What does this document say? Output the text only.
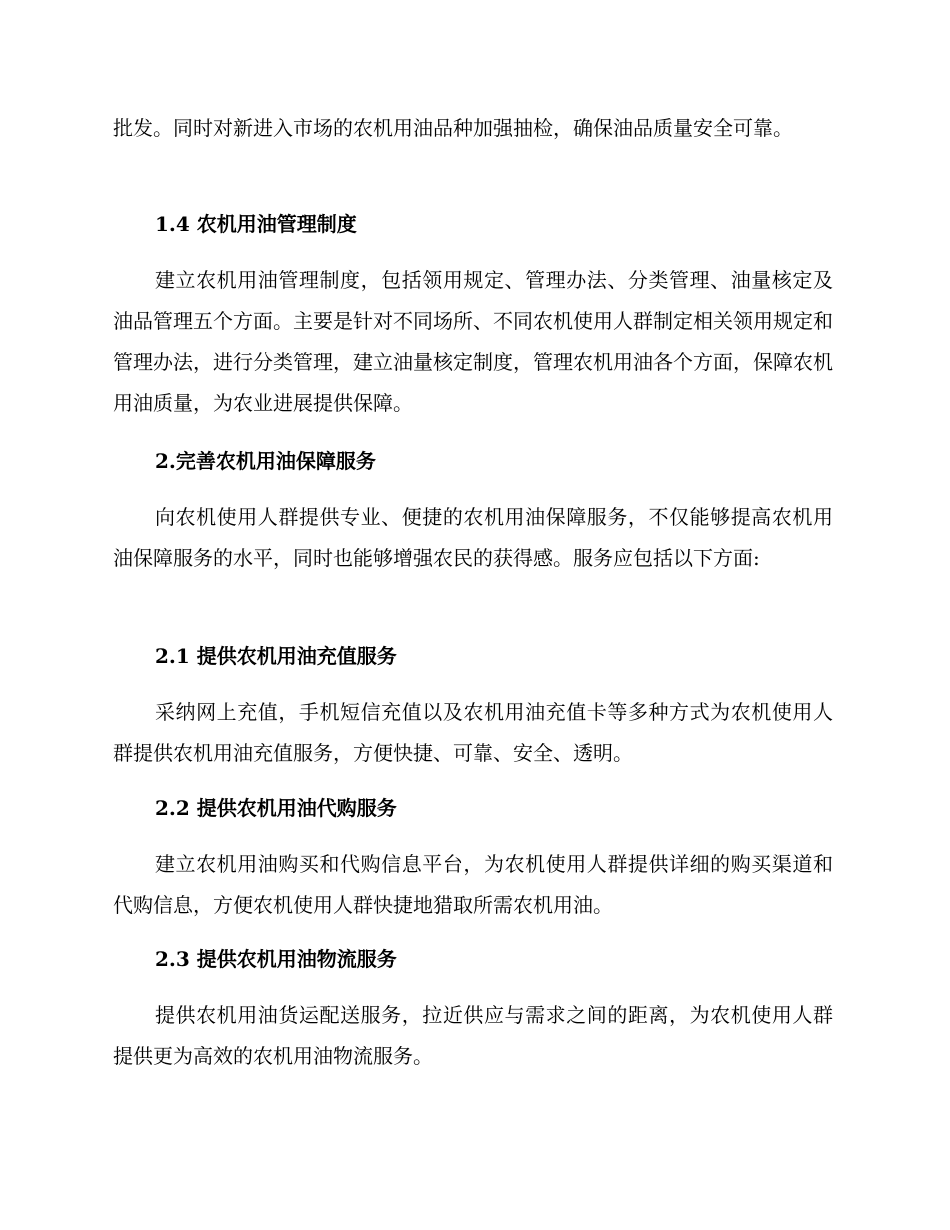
批发。同时对新进入市场的农机用油品种加强抽检，确保油品质量安全可靠。

1.4 农机用油管理制度

建立农机用油管理制度，包括领用规定、管理办法、分类管理、油量核定及油品管理五个方面。主要是针对不同场所、不同农机使用人群制定相关领用规定和管理办法，进行分类管理，建立油量核定制度，管理农机用油各个方面，保障农机用油质量，为农业进展提供保障。

2.完善农机用油保障服务

向农机使用人群提供专业、便捷的农机用油保障服务，不仅能够提高农机用油保障服务的水平，同时也能够增强农民的获得感。服务应包括以下方面:

2.1 提供农机用油充值服务

采纳网上充值，手机短信充值以及农机用油充值卡等多种方式为农机使用人群提供农机用油充值服务，方便快捷、可靠、安全、透明。

2.2 提供农机用油代购服务

建立农机用油购买和代购信息平台，为农机使用人群提供详细的购买渠道和代购信息，方便农机使用人群快捷地猎取所需农机用油。

2.3 提供农机用油物流服务

提供农机用油货运配送服务，拉近供应与需求之间的距离，为农机使用人群提供更为高效的农机用油物流服务。
